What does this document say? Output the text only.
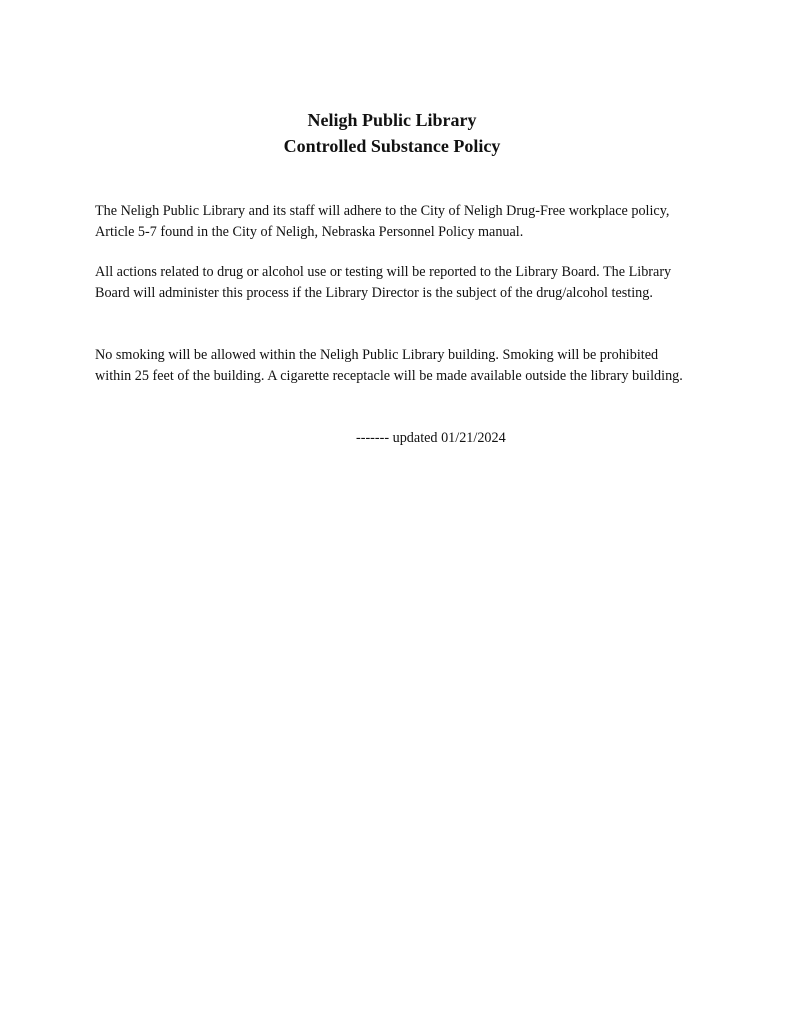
Neligh Public Library
Controlled Substance Policy

The Neligh Public Library and its staff will adhere to the City of Neligh Drug-Free workplace policy, Article 5-7 found in the City of Neligh, Nebraska Personnel Policy manual.

All actions related to drug or alcohol use or testing will be reported to the Library Board. The Library Board will administer this process if the Library Director is the subject of the drug/alcohol testing.

No smoking will be allowed within the Neligh Public Library building. Smoking will be prohibited within 25 feet of the building. A cigarette receptacle will be made available outside the library building.

------- updated 01/21/2024
